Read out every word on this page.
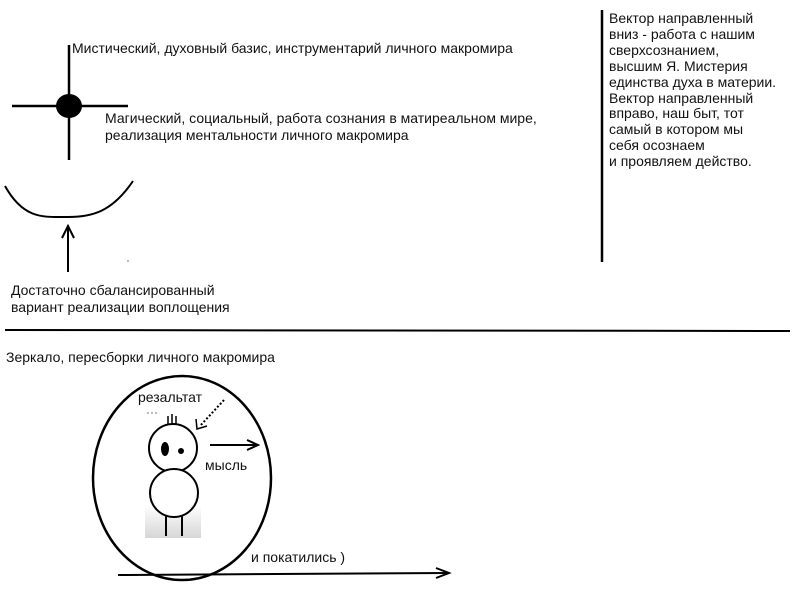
Мистический, духовный базис, инструментарий личного макромира

Магический, социальный, работа сознания в матиреальном мире,
реализация ментальности личного макромира

Достаточно сбалансированный
вариант реализации воплощения

Вектор направленный
вниз - работа с нашим
сверхсознанием,
высшим Я. Мистерия
единства духа в материи.
Вектор направленный
вправо, наш быт, тот
самый в котором мы
себя осознаем
и проявляем действо.

Зеркало, пересборки личного макромира

резальтат

мысль

и покатились )
